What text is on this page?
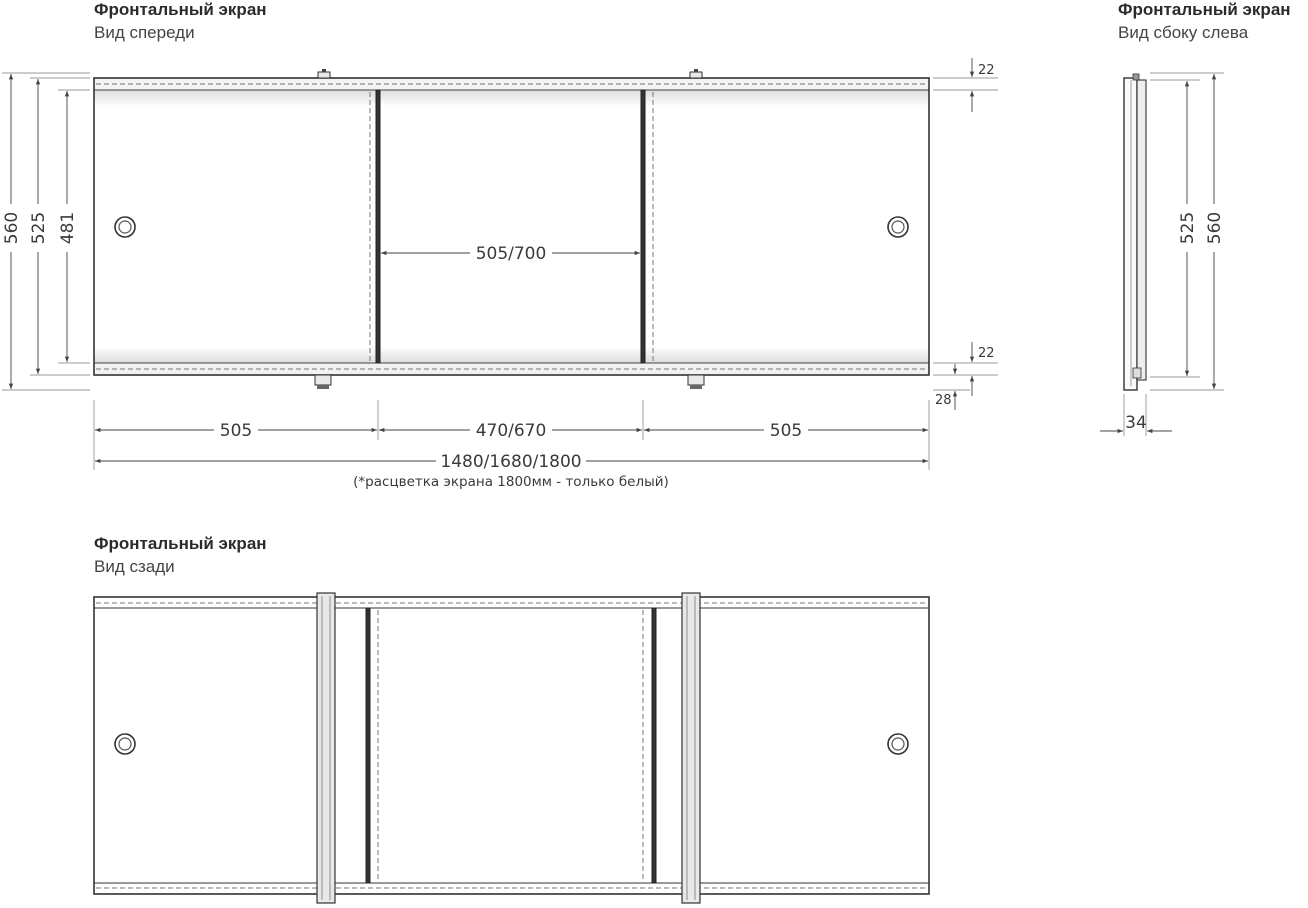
Фронтальный экран
Вид спереди
560 525 481
505/700
22
22
28
505	470/670	505
1480/1680/1800
(*расцветка экрана 1800мм - только белый)
Фронтальный экран
Вид сбоку слева
525 560
34
Фронтальный экран
Вид сзади
